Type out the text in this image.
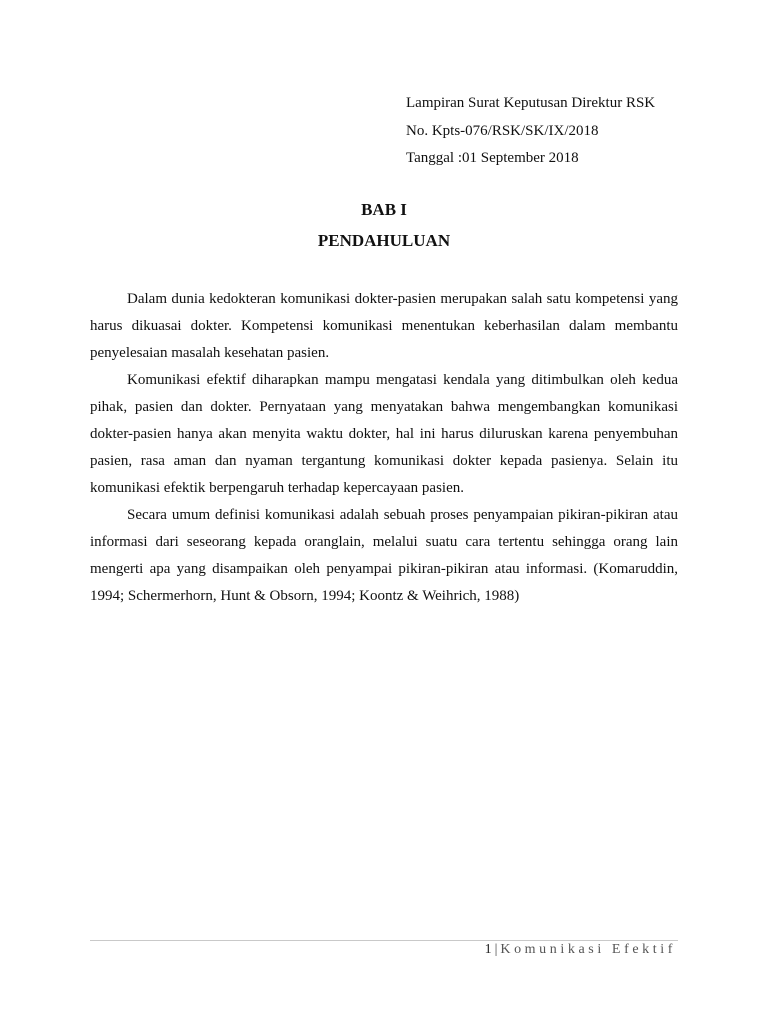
Lampiran Surat Keputusan Direktur RSK
No. Kpts-076/RSK/SK/IX/2018
Tanggal :01 September 2018
BAB I
PENDAHULUAN

Dalam dunia kedokteran komunikasi dokter-pasien merupakan salah satu kompetensi yang harus dikuasai dokter. Kompetensi komunikasi menentukan keberhasilan dalam membantu penyelesaian masalah kesehatan pasien.

Komunikasi efektif diharapkan mampu mengatasi kendala yang ditimbulkan oleh kedua pihak, pasien dan dokter. Pernyataan yang menyatakan bahwa mengembangkan komunikasi dokter-pasien hanya akan menyita waktu dokter, hal ini harus diluruskan karena penyembuhan pasien, rasa aman dan nyaman tergantung komunikasi dokter kepada pasienya. Selain itu komunikasi efektik berpengaruh terhadap kepercayaan pasien.

Secara umum definisi komunikasi adalah sebuah proses penyampaian pikiran-pikiran atau informasi dari seseorang kepada oranglain, melalui suatu cara tertentu sehingga orang lain mengerti apa yang disampaikan oleh penyampai pikiran-pikiran atau informasi. (Komaruddin, 1994; Schermerhorn, Hunt & Obsorn, 1994; Koontz & Weihrich, 1988)

1 | Komunikasi Efektif
